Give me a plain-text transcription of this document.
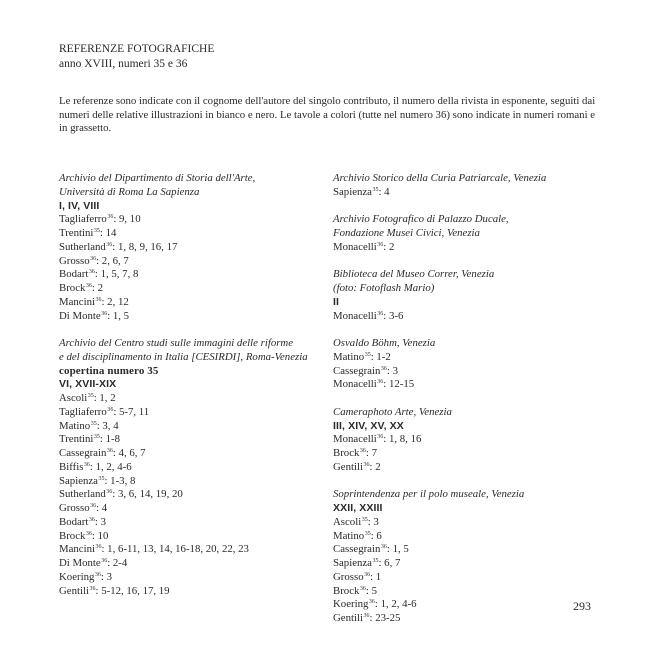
REFERENZE FOTOGRAFICHE
anno XVIII, numeri 35 e 36
Le referenze sono indicate con il cognome dell'autore del singolo contributo, il numero della rivista in esponente, seguiti dai numeri delle relative illustrazioni in bianco e nero. Le tavole a colori (tutte nel numero 36) sono indicate in numeri romani e in grassetto.
Archivio del Dipartimento di Storia dell'Arte,
Università di Roma La Sapienza
I, IV, VIII
Tagliaferro$^{36}$: 9, 10
Trentini$^{35}$: 14
Sutherland$^{36}$: 1, 8, 9, 16, 17
Grosso$^{36}$: 2, 6, 7
Bodart$^{36}$: 1, 5, 7, 8
Brock$^{36}$: 2
Mancini$^{36}$: 2, 12
Di Monte$^{36}$: 1, 5
Archivio del Centro studi sulle immagini delle riforme
e del disciplinamento in Italia [CESIRDI], Roma-Venezia
copertina numero 35
VI, XVII-XIX
Ascoli$^{35}$: 1, 2
Tagliaferro$^{36}$: 5-7, 11
Matino$^{35}$: 3, 4
Trentini$^{35}$: 1-8
Cassegrain$^{36}$: 4, 6, 7
Biffis$^{36}$: 1, 2, 4-6
Sapienza$^{35}$: 1-3, 8
Sutherland$^{36}$: 3, 6, 14, 19, 20
Grosso$^{36}$: 4
Bodart$^{36}$: 3
Brock$^{36}$: 10
Mancini$^{36}$: 1, 6-11, 13, 14, 16-18, 20, 22, 23
Di Monte$^{36}$: 2-4
Koering$^{36}$: 3
Gentili$^{36}$: 5-12, 16, 17, 19
Archivio Storico della Curia Patriarcale, Venezia
Sapienza$^{35}$: 4
Archivio Fotografico di Palazzo Ducale,
Fondazione Musei Civici, Venezia
Monacelli$^{36}$: 2
Biblioteca del Museo Correr, Venezia
(foto: Fotoflash Mario)
II
Monacelli$^{36}$: 3-6
Osvaldo Böhm, Venezia
Matino$^{35}$: 1-2
Cassegrain$^{36}$: 3
Monacelli$^{36}$: 12-15
Cameraphoto Arte, Venezia
III, XIV, XV, XX
Monacelli$^{36}$: 1, 8, 16
Brock$^{36}$: 7
Gentili$^{36}$: 2
Soprintendenza per il polo museale, Venezia
XXII, XXIII
Ascoli$^{35}$: 3
Matino$^{35}$: 6
Cassegrain$^{36}$: 1, 5
Sapienza$^{35}$: 6, 7
Grosso$^{36}$: 1
Brock$^{36}$: 5
Koering$^{36}$: 1, 2, 4-6
Gentili$^{36}$: 23-25
293
